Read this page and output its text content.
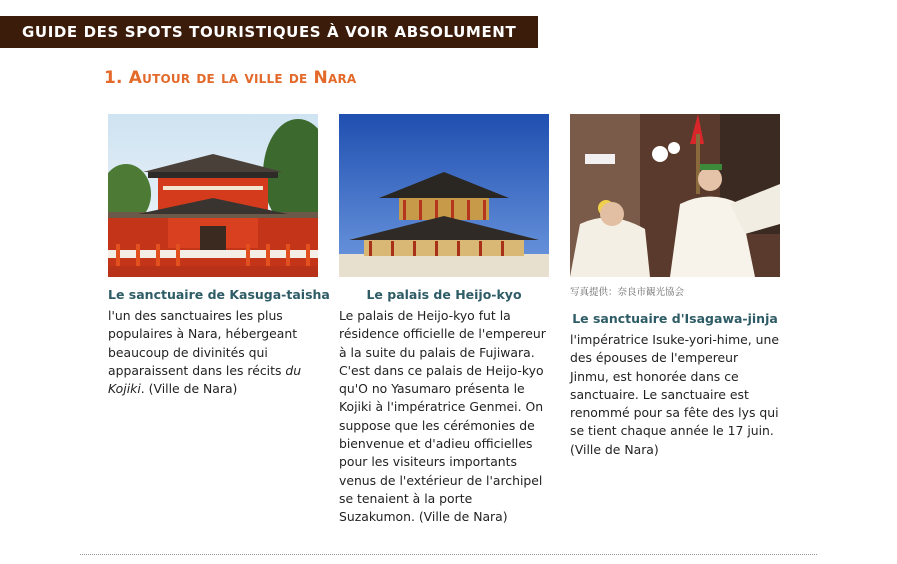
GUIDE DES SPOTS TOURISTIQUES À VOIR ABSOLUMENT
1. Autour de la ville de Nara
Le sanctuaire de Kasuga-taisha
l'un des sanctuaires les plus populaires à Nara, hébergeant beaucoup de divinités qui apparaissent dans les récits du Kojiki. (Ville de Nara)
Le palais de Heijo-kyo
Le palais de Heijo-kyo fut la résidence officielle de l'empereur à la suite du palais de Fujiwara. C'est dans ce palais de Heijo-kyo qu'O no Yasumaro présenta le Kojiki à l'impératrice Genmei. On suppose que les cérémonies de bienvenue et d'adieu officielles pour les visiteurs importants venus de l'extérieur de l'archipel se tenaient à la porte Suzakumon. (Ville de Nara)
写真提供：奈良市観光協会
Le sanctuaire d'Isagawa-jinja
l'impératrice Isuke-yori-hime, une des épouses de l'empereur Jinmu, est honorée dans ce sanctuaire. Le sanctuaire est renommé pour sa fête des lys qui se tient chaque année le 17 juin. (Ville de Nara)
